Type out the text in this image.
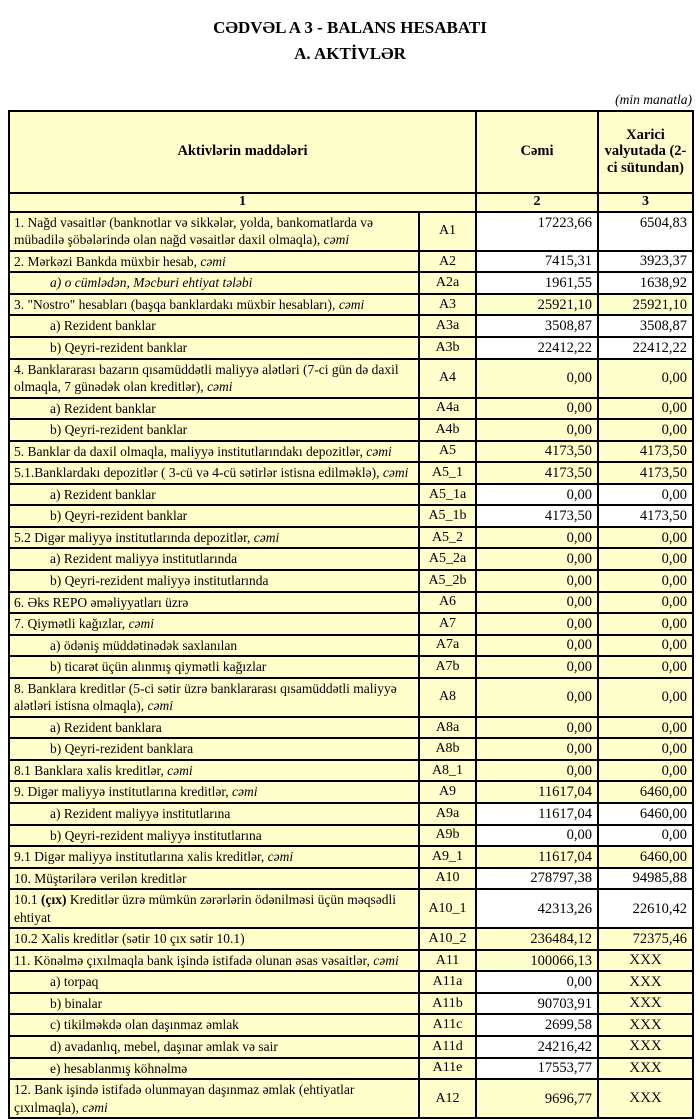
CƏDVƏL A 3 - BALANS HESABATI
A. AKTİVLƏR
(min manatla)
Aktivlərin maddələri		Cəmi	Xarici valyutada (2-ci sütundan)
1		2	3
1. Nağd vəsaitlər (banknotlar və sikkələr, yolda, bankomatlarda və mübadilə şöbələrində olan nağd vəsaitlər daxil olmaqla), cəmi	A1	17223,66	6504,83
2. Mərkəzi Bankda müxbir hesab, cəmi	A2	7415,31	3923,37
a) o cümlədən, Məcburi ehtiyat tələbi	A2a	1961,55	1638,92
3. "Nostro" hesabları (başqa banklardakı müxbir hesabları), cəmi	A3	25921,10	25921,10
a) Rezident banklar	A3a	3508,87	3508,87
b) Qeyri-rezident banklar	A3b	22412,22	22412,22
4. Banklararası bazarın qısamüddətli maliyyə alətləri (7-ci gün də daxil olmaqla, 7 günədək olan kreditlər), cəmi	A4	0,00	0,00
a) Rezident banklar	A4a	0,00	0,00
b) Qeyri-rezident banklar	A4b	0,00	0,00
5. Banklar da daxil olmaqla, maliyyə institutlarındakı depozitlər, cəmi	A5	4173,50	4173,50
5.1.Banklardakı depozitlər ( 3-cü və 4-cü sətirlər istisna edilməklə), cəmi	A5_1	4173,50	4173,50
a) Rezident banklar	A5_1a	0,00	0,00
b) Qeyri-rezident banklar	A5_1b	4173,50	4173,50
5.2 Digər maliyyə institutlarında depozitlər, cəmi	A5_2	0,00	0,00
a) Rezident maliyyə institutlarında	A5_2a	0,00	0,00
b) Qeyri-rezident maliyyə institutlarında	A5_2b	0,00	0,00
6. Əks REPO əməliyyatları üzrə	A6	0,00	0,00
7. Qiymətli kağızlar, cəmi	A7	0,00	0,00
a) ödəniş müddətinədək saxlanılan	A7a	0,00	0,00
b) ticarət üçün alınmış qiymətli kağızlar	A7b	0,00	0,00
8. Banklara kreditlər (5-ci sətir üzrə banklararası qısamüddətli maliyyə alətləri istisna olmaqla), cəmi	A8	0,00	0,00
a) Rezident banklara	A8a	0,00	0,00
b) Qeyri-rezident banklara	A8b	0,00	0,00
8.1 Banklara xalis kreditlər, cəmi	A8_1	0,00	0,00
9. Digər maliyyə institutlarına kreditlər, cəmi	A9	11617,04	6460,00
a) Rezident maliyyə institutlarına	A9a	11617,04	6460,00
b) Qeyri-rezident maliyyə institutlarına	A9b	0,00	0,00
9.1 Digər maliyyə institutlarına xalis kreditlər, cəmi	A9_1	11617,04	6460,00
10. Müştərilərə verilən kreditlər	A10	278797,38	94985,88
10.1 (çıx) Kreditlər üzrə mümkün zərərlərin ödənilməsi üçün məqsədli ehtiyat	A10_1	42313,26	22610,42
10.2 Xalis kreditlər (sətir 10 çıx sətir 10.1)	A10_2	236484,12	72375,46
11. Könəlmə çıxılmaqla bank işində istifadə olunan əsas vəsaitlər, cəmi	A11	100066,13	XXX
a) torpaq	A11a	0,00	XXX
b) binalar	A11b	90703,91	XXX
c) tikilməkdə olan daşınmaz əmlak	A11c	2699,58	XXX
d) avadanlıq, mebel, daşınar əmlak və sair	A11d	24216,42	XXX
e) hesablanmış köhnəlmə	A11e	17553,77	XXX
12. Bank işində istifadə olunmayan daşınmaz əmlak (ehtiyatlar çıxılmaqla), cəmi	A12	9696,77	XXX
